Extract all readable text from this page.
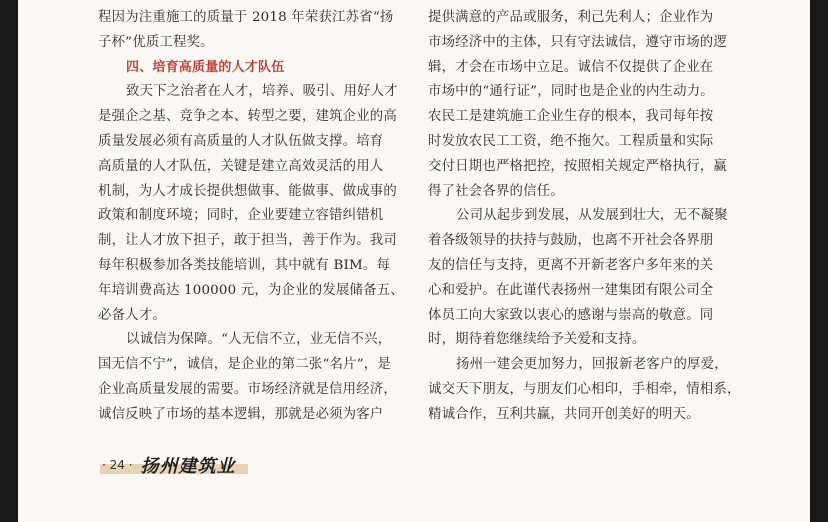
程因为注重施工的质量于 2018 年荣获江苏省“扬
子杯”优质工程奖。
四、培育高质量的人才队伍
致天下之治者在人才，培养、吸引、用好人才
是强企之基、竞争之本、转型之要，建筑企业的高
质量发展必须有高质量的人才队伍做支撑。培育
高质量的人才队伍，关键是建立高效灵活的用人
机制，为人才成长提供想做事、能做事、做成事的
政策和制度环境；同时，企业要建立容错纠错机
制，让人才放下担子，敢于担当，善于作为。我司
每年积极参加各类技能培训，其中就有 BIM。每
年培训费高达 100000 元，为企业的发展储备五、
必备人才。
以诚信为保障。“人无信不立，业无信不兴，
国无信不宁”，诚信，是企业的第二张“名片”，是
企业高质量发展的需要。市场经济就是信用经济，
诚信反映了市场的基本逻辑，那就是必须为客户
提供满意的产品或服务，利己先利人；企业作为
市场经济中的主体，只有守法诚信，遵守市场的逻
辑，才会在市场中立足。诚信不仅提供了企业在
市场中的“通行证”，同时也是企业的内生动力。
农民工是建筑施工企业生存的根本，我司每年按
时发放农民工工资，绝不拖欠。工程质量和实际
交付日期也严格把控，按照相关规定严格执行，赢
得了社会各界的信任。
公司从起步到发展，从发展到壮大，无不凝聚
着各级领导的扶持与鼓励，也离不开社会各界朋
友的信任与支持，更离不开新老客户多年来的关
心和爱护。在此谨代表扬州一建集团有限公司全
体员工向大家致以衷心的感谢与崇高的敬意。同
时，期待着您继续给予关爱和支持。
扬州一建会更加努力，回报新老客户的厚爱，
诚交天下朋友，与朋友们心相印，手相牵，情相系，
精诚合作，互利共赢，共同开创美好的明天。
· 24 · 扬州建筑业
